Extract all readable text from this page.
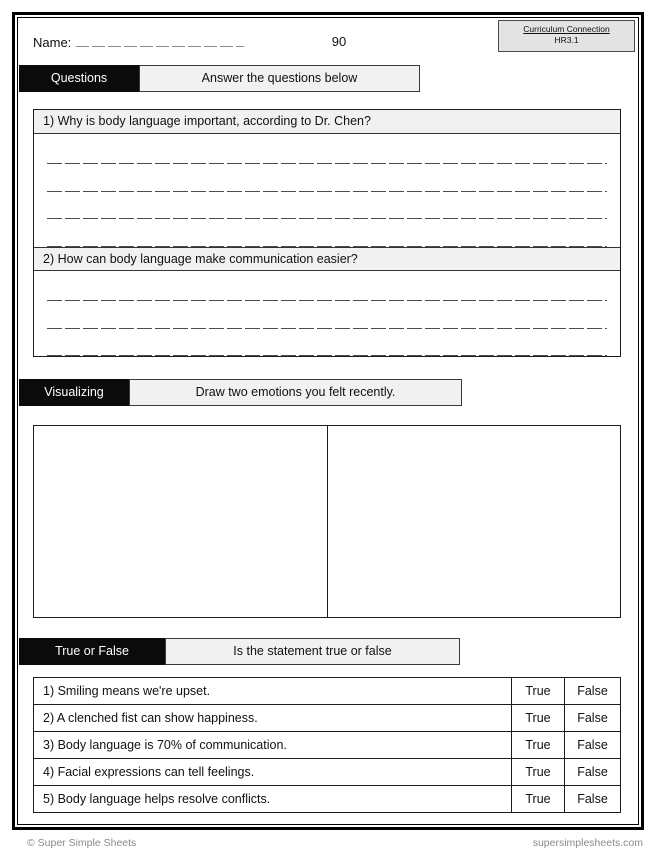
Name:	90
Curriculum Connection
HR3.1
Questions	Answer the questions below
1) Why is body language important, according to Dr. Chen?
2) How can body language make communication easier?
Visualizing	Draw two emotions you felt recently.
True or False	Is the statement true or false
1) Smiling means we're upset.	True	False
2) A clenched fist can show happiness.	True	False
3) Body language is 70% of communication.	True	False
4) Facial expressions can tell feelings.	True	False
5) Body language helps resolve conflicts.	True	False
© Super Simple Sheets	supersimplesheets.com
